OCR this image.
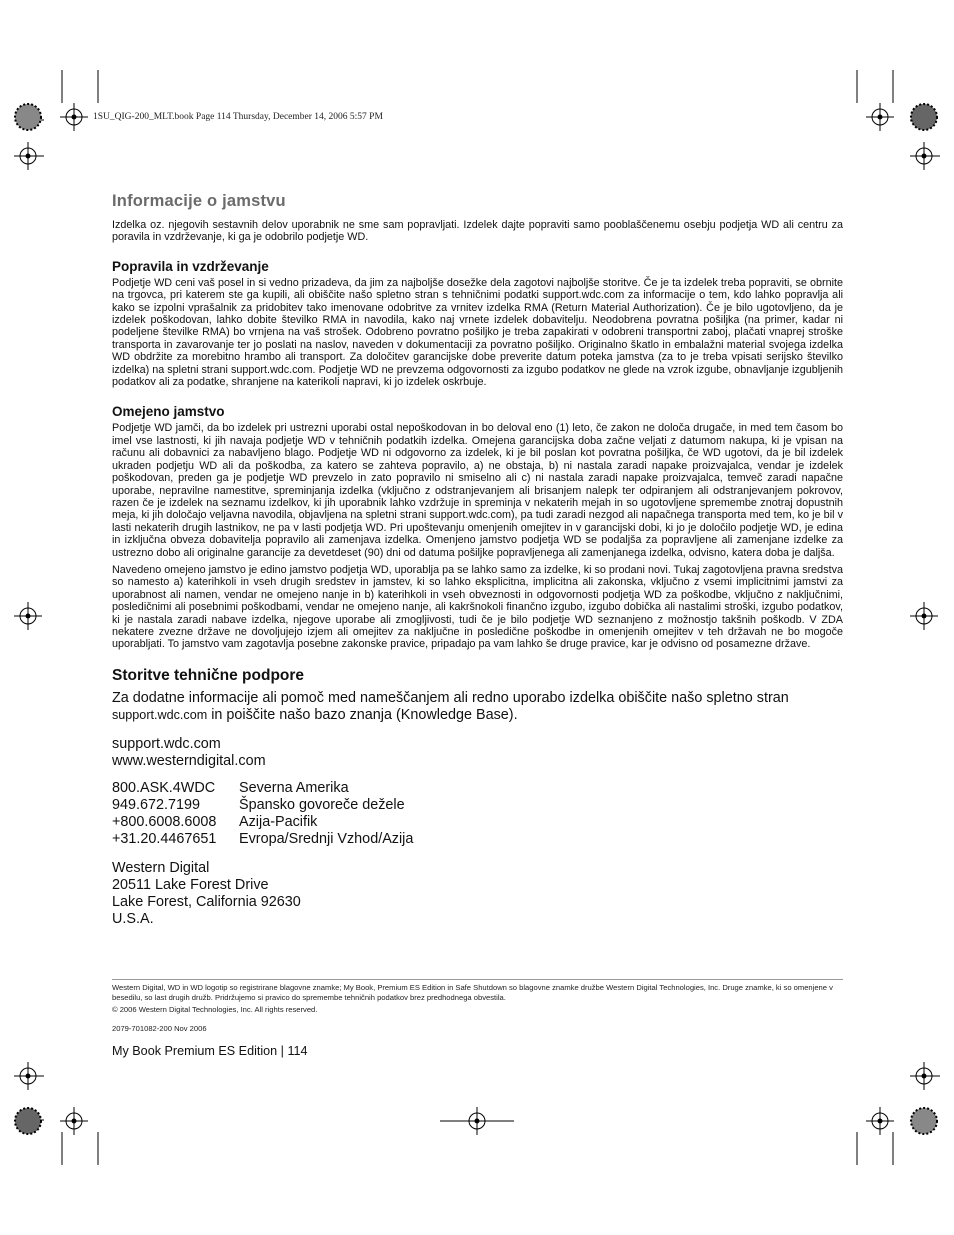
1SU_QIG-200_MLT.book Page 114 Thursday, December 14, 2006 5:57 PM
Informacije o jamstvu

Izdelka oz. njegovih sestavnih delov uporabnik ne sme sam popravljati. Izdelek dajte popraviti samo pooblaščenemu osebju podjetja WD ali centru za poravila in vzdrževanje, ki ga je odobrilo podjetje WD.

Popravila in vzdrževanje

Podjetje WD ceni vaš posel in si vedno prizadeva, da jim za najboljše dosežke dela zagotovi najboljše storitve. Če je ta izdelek treba popraviti, se obrnite na trgovca, pri katerem ste ga kupili, ali obiščite našo spletno stran s tehničnimi podatki support.wdc.com za informacije o tem, kdo lahko popravlja ali kako se izpolni vprašalnik za pridobitev tako imenovane odobritve za vrnitev izdelka RMA (Return Material Authorization). Če je bilo ugotovljeno, da je izdelek poškodovan, lahko dobite številko RMA in navodila, kako naj vrnete izdelek dobavitelju. Neodobrena povratna pošiljka (na primer, kadar ni podeljene številke RMA) bo vrnjena na vaš strošek. Odobreno povratno pošiljko je treba zapakirati v odobreni transportni zaboj, plačati vnaprej stroške transporta in zavarovanje ter jo poslati na naslov, naveden v dokumentaciji za povratno pošiljko. Originalno škatlo in embalažni material svojega izdelka WD obdržite za morebitno hrambo ali transport. Za določitev garancijske dobe preverite datum poteka jamstva (za to je treba vpisati serijsko številko izdelka) na spletni strani support.wdc.com. Podjetje WD ne prevzema odgovornosti za izgubo podatkov ne glede na vzrok izgube, obnavljanje izgubljenih podatkov ali za podatke, shranjene na katerikoli napravi, ki jo izdelek oskrbuje.

Omejeno jamstvo

Podjetje WD jamči, da bo izdelek pri ustrezni uporabi ostal nepoškodovan in bo deloval eno (1) leto, če zakon ne določa drugače, in med tem časom bo imel vse lastnosti, ki jih navaja podjetje WD v tehničnih podatkih izdelka. Omejena garancijska doba začne veljati z datumom nakupa, ki je vpisan na računu ali dobavnici za nabavljeno blago. Podjetje WD ni odgovorno za izdelek, ki je bil poslan kot povratna pošiljka, če WD ugotovi, da je bil izdelek ukraden podjetju WD ali da poškodba, za katero se zahteva popravilo, a) ne obstaja, b) ni nastala zaradi napake proizvajalca, vendar je izdelek poškodovan, preden ga je podjetje WD prevzelo in zato popravilo ni smiselno ali c) ni nastala zaradi napake proizvajalca, temveč zaradi napačne uporabe, nepravilne namestitve, spreminjanja izdelka (vključno z odstranjevanjem ali brisanjem nalepk ter odpiranjem ali odstranjevanjem pokrovov, razen če je izdelek na seznamu izdelkov, ki jih uporabnik lahko vzdržuje in spreminja v nekaterih mejah in so ugotovljene spremembe znotraj dopustnih meja, ki jih določajo veljavna navodila, objavljena na spletni strani support.wdc.com), pa tudi zaradi nezgod ali napačnega transporta med tem, ko je bil v lasti nekaterih drugih lastnikov, ne pa v lasti podjetja WD. Pri upoštevanju omenjenih omejitev in v garancijski dobi, ki jo je določilo podjetje WD, je edina in izključna obveza dobavitelja popravilo ali zamenjava izdelka. Omenjeno jamstvo podjetja WD se podaljša za popravljene ali zamenjane izdelke za ustrezno dobo ali originalne garancije za devetdeset (90) dni od datuma pošiljke popravljenega ali zamenjanega izdelka, odvisno, katera doba je daljša.

Navedeno omejeno jamstvo je edino jamstvo podjetja WD, uporablja pa se lahko samo za izdelke, ki so prodani novi. Tukaj zagotovljena pravna sredstva so namesto a) katerihkoli in vseh drugih sredstev in jamstev, ki so lahko eksplicitna, implicitna ali zakonska, vključno z vsemi implicitnimi jamstvi za uporabnost ali namen, vendar ne omejeno nanje in b) katerihkoli in vseh obveznosti in odgovornosti podjetja WD za poškodbe, vključno z naključnimi, posledičnimi ali posebnimi poškodbami, vendar ne omejeno nanje, ali kakršnokoli finančno izgubo, izgubo dobička ali nastalimi stroški, izgubo podatkov, ki je nastala zaradi nabave izdelka, njegove uporabe ali zmogljivosti, tudi če je bilo podjetje WD seznanjeno z možnostjo takšnih poškodb. V ZDA nekatere zvezne države ne dovoljujejo izjem ali omejitev za naključne in posledične poškodbe in omenjenih omejitev v teh državah ne bo mogoče uporabljati. To jamstvo vam zagotavlja posebne zakonske pravice, pripadajo pa vam lahko še druge pravice, kar je odvisno od posamezne države.

Storitve tehnične podpore

Za dodatne informacije ali pomoč med nameščanjem ali redno uporabo izdelka obiščite našo spletno stran support.wdc.com in poiščite našo bazo znanja (Knowledge Base).

support.wdc.com
www.westerndigital.com
800.ASK.4WDC	Severna Amerika
949.672.7199	Špansko govoreče dežele
+800.6008.6008	Azija-Pacifik
+31.20.4467651	Evropa/Srednji Vzhod/Azija
Western Digital
20511 Lake Forest Drive
Lake Forest, California 92630
U.S.A.
Western Digital, WD in WD logotip so registrirane blagovne znamke; My Book, Premium ES Edition in Safe Shutdown so blagovne znamke družbe Western Digital Technologies, Inc. Druge znamke, ki so omenjene v besedilu, so last drugih družb. Pridržujemo si pravico do spremembe tehničnih podatkov brez predhodnega obvestila.
© 2006 Western Digital Technologies, Inc. All rights reserved.
2079-701082-200 Nov 2006
My Book Premium ES Edition | 114
